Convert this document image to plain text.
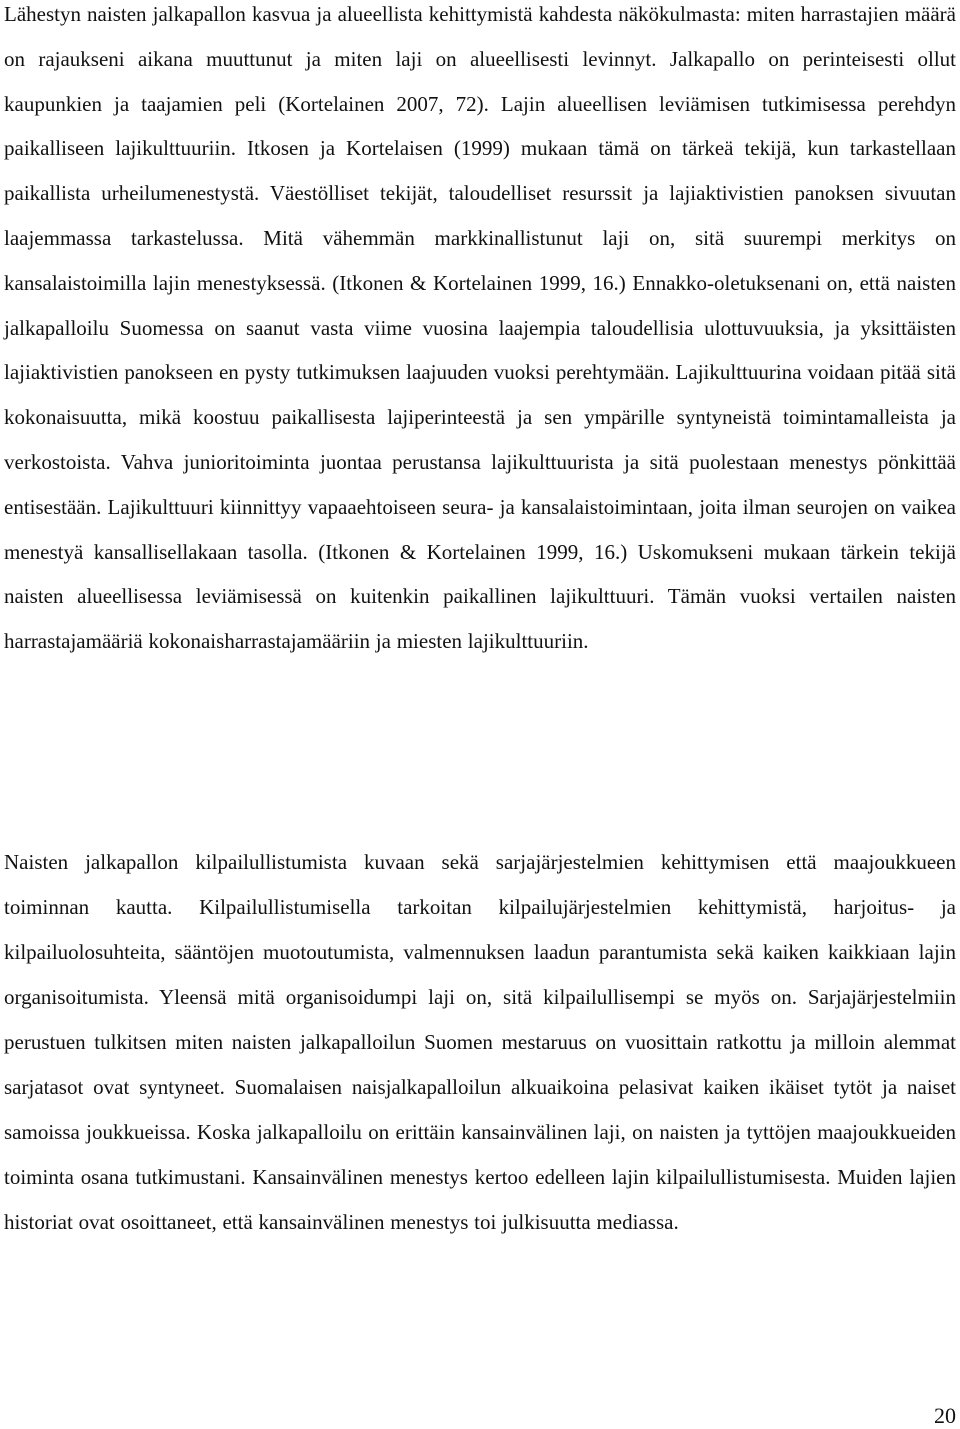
Lähestyn naisten jalkapallon kasvua ja alueellista kehittymistä kahdesta näkökulmasta: miten harrastajien määrä on rajaukseni aikana muuttunut ja miten laji on alueellisesti levinnyt. Jalkapallo on perinteisesti ollut kaupunkien ja taajamien peli (Kortelainen 2007, 72). Lajin alueellisen leviämisen tutkimisessa perehdyn paikalliseen lajikulttuuriin. Itkosen ja Kortelaisen (1999) mukaan tämä on tärkeä tekijä, kun tarkastellaan paikallista urheilumenestystä. Väestölliset tekijät, taloudelliset resurssit ja lajiaktivistien panoksen sivuutan laajemmassa tarkastelussa. Mitä vähemmän markkinallistunut laji on, sitä suurempi merkitys on kansalaistoimilla lajin menestyksessä. (Itkonen & Kortelainen 1999, 16.) Ennakko-oletuksenani on, että naisten jalkapalloilu Suomessa on saanut vasta viime vuosina laajempia taloudellisia ulottuvuuksia, ja yksittäisten lajiaktivistien panokseen en pysty tutkimuksen laajuuden vuoksi perehtymään. Lajikulttuurina voidaan pitää sitä kokonaisuutta, mikä koostuu paikallisesta lajiperinteestä ja sen ympärille syntyneistä toimintamalleista ja verkostoista. Vahva junioritoiminta juontaa perustansa lajikulttuurista ja sitä puolestaan menestys pönkittää entisestään. Lajikulttuuri kiinnittyy vapaaehtoiseen seura- ja kansalaistoimintaan, joita ilman seurojen on vaikea menestyä kansallisellakaan tasolla. (Itkonen & Kortelainen 1999, 16.) Uskomukseni mukaan tärkein tekijä naisten alueellisessa leviämisessä on kuitenkin paikallinen lajikulttuuri. Tämän vuoksi vertailen naisten harrastajamääriä kokonaisharrastajamääriin ja miesten lajikulttuuriin.

Naisten jalkapallon kilpailullistumista kuvaan sekä sarjajärjestelmien kehittymisen että maajoukkueen toiminnan kautta. Kilpailullistumisella tarkoitan kilpailujärjestelmien kehittymistä, harjoitus- ja kilpailuolosuhteita, sääntöjen muotoutumista, valmennuksen laadun parantumista sekä kaiken kaikkiaan lajin organisoitumista. Yleensä mitä organisoidumpi laji on, sitä kilpailullisempi se myös on. Sarjajärjestelmiin perustuen tulkitsen miten naisten jalkapalloilun Suomen mestaruus on vuosittain ratkottu ja milloin alemmat sarjatasot ovat syntyneet. Suomalaisen naisjalkapalloilun alkuaikoina pelasivat kaiken ikäiset tytöt ja naiset samoissa joukkueissa. Koska jalkapalloilu on erittäin kansainvälinen laji, on naisten ja tyttöjen maajoukkueiden toiminta osana tutkimustani. Kansainvälinen menestys kertoo edelleen lajin kilpailullistumisesta. Muiden lajien historiat ovat osoittaneet, että kansainvälinen menestys toi julkisuutta mediassa.

20
